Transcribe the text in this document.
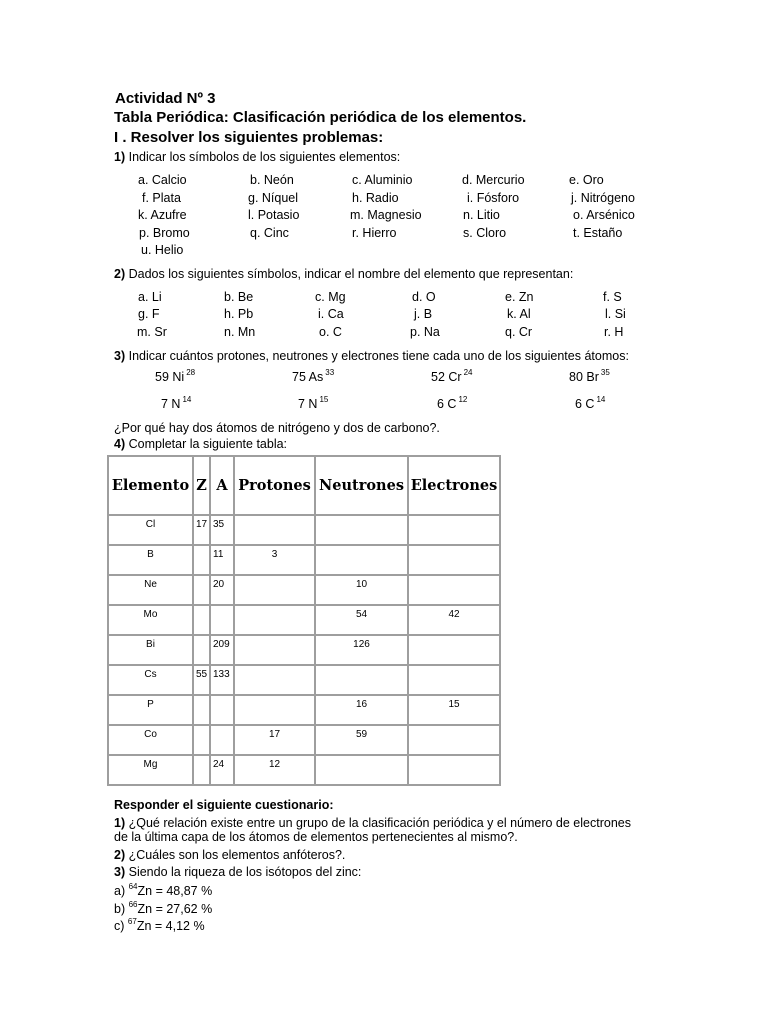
Actividad Nº 3
Tabla Periódica: Clasificación periódica de los elementos.
I . Resolver los siguientes problemas:
1) Indicar los símbolos de los siguientes elementos:
a. Calcio	b. Neón	c. Aluminio	d. Mercurio	e. Oro
f. Plata	g. Níquel	h. Radio	i. Fósforo	j. Nitrógeno
k. Azufre	l. Potasio	m. Magnesio	n. Litio	o. Arsénico
p. Bromo	q. Cinc	r. Hierro	s. Cloro	t. Estaño
u. Helio
2) Dados los siguientes símbolos, indicar el nombre del elemento que representan:
a. Li	b. Be	c. Mg	d. O	e. Zn	f. S
g. F	h. Pb	i. Ca	j. B	k. Al	l. Si
m. Sr	n. Mn	o. C	p. Na	q. Cr	r. H
3) Indicar cuántos protones, neutrones y electrones tiene cada uno de los siguientes átomos:
59 Ni $^{28}$	75 As $^{33}$	52 Cr $^{24}$	80 Br $^{35}$
7 N $^{14}$	7 N $^{15}$	6 C $^{12}$	6 C $^{14}$
¿Por qué hay dos átomos de nitrógeno y dos de carbono?.
4) Completar la siguiente tabla:
Elemento	Z	A	Protones	Neutrones	Electrones
Cl	17	35			
B		11	3		
Ne		20		10	
Mo				54	42
Bi		209		126	
Cs	55	133			
P				16	15
Co			17	59	
Mg		24	12		
Responder el siguiente cuestionario:
1) ¿Qué relación existe entre un grupo de la clasificación periódica y el número de electrones
de la última capa de los átomos de elementos pertenecientes al mismo?.
2) ¿Cuáles son los elementos anfóteros?.
3) Siendo la riqueza de los isótopos del zinc:
a) $^{64}$Zn = 48,87 %
b) $^{66}$Zn = 27,62 %
c) $^{67}$Zn = 4,12 %
